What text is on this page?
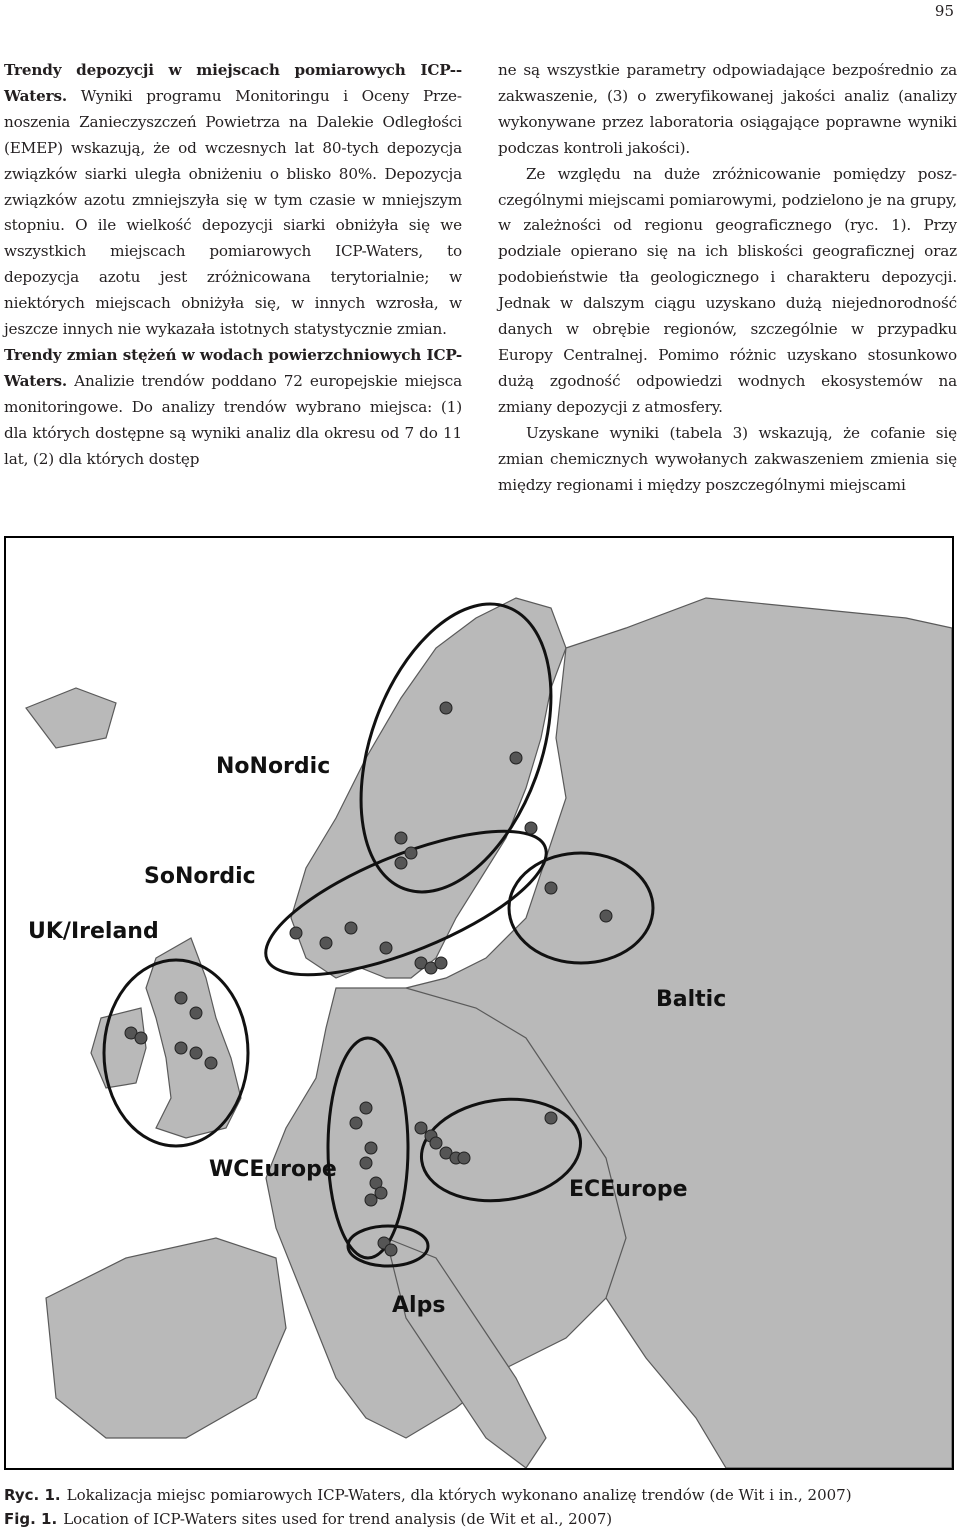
95

Trendy depozycji w miejscach pomiarowych ICP--Waters. Wyniki programu Monitoringu i Oceny Przenoszenia Zanieczyszczeń Powietrza na Dalekie Odległości (EMEP) wskazują, że od wczesnych lat 80-tych depozycja związków siarki uległa obniżeniu o blisko 80%. Depozycja związków azotu zmniejszyła się w tym czasie w mniejszym stopniu. O ile wielkość depozycji siarki obniżyła się we wszystkich miejscach pomiarowych ICP-Waters, to depozycja azotu jest zróżnicowana terytorialnie; w niektórych miejscach obniżyła się, w innych wzrosła, w jeszcze innych nie wykazała istotnych statystycznie zmian.

Trendy zmian stężeń w wodach powierzchniowych ICP-Waters. Analizie trendów poddano 72 europejskie miejsca monitoringowe. Do analizy trendów wybrano miejsca: (1) dla których dostępne są wyniki analiz dla okresu od 7 do 11 lat, (2) dla których dostęp

ne są wszystkie parametry odpowiadające bezpośrednio za zakwaszenie, (3) o zweryfikowanej jakości analiz (analizy wykonywane przez laboratoria osiągające poprawne wyniki podczas kontroli jakości).

Ze względu na duże zróżnicowanie pomiędzy poszczególnymi miejscami pomiarowymi, podzielono je na grupy, w zależności od regionu geograficznego (ryc. 1). Przy podziale opierano się na ich bliskości geograficznej oraz podobieństwie tła geologicznego i charakteru depozycji. Jednak w dalszym ciągu uzyskano dużą niejednorodność danych w obrębie regionów, szczególnie w przypadku Europy Centralnej. Pomimo różnic uzyskano stosunkowo dużą zgodność odpowiedzi wodnych ekosystemów na zmiany depozycji z atmosfery.

Uzyskane wyniki (tabela 3) wskazują, że cofanie się zmian chemicznych wywołanych zakwaszeniem zmienia się między regionami i między poszczególnymi miejscami

NoNordic
SoNordic
UK/Ireland
Baltic
WCEurope
ECEurope
Alps
Ryc. 1. Lokalizacja miejsc pomiarowych ICP-Waters, dla których wykonano analizę trendów (de Wit i in., 2007)
Fig. 1. Location of ICP-Waters sites used for trend analysis (de Wit et al., 2007)
